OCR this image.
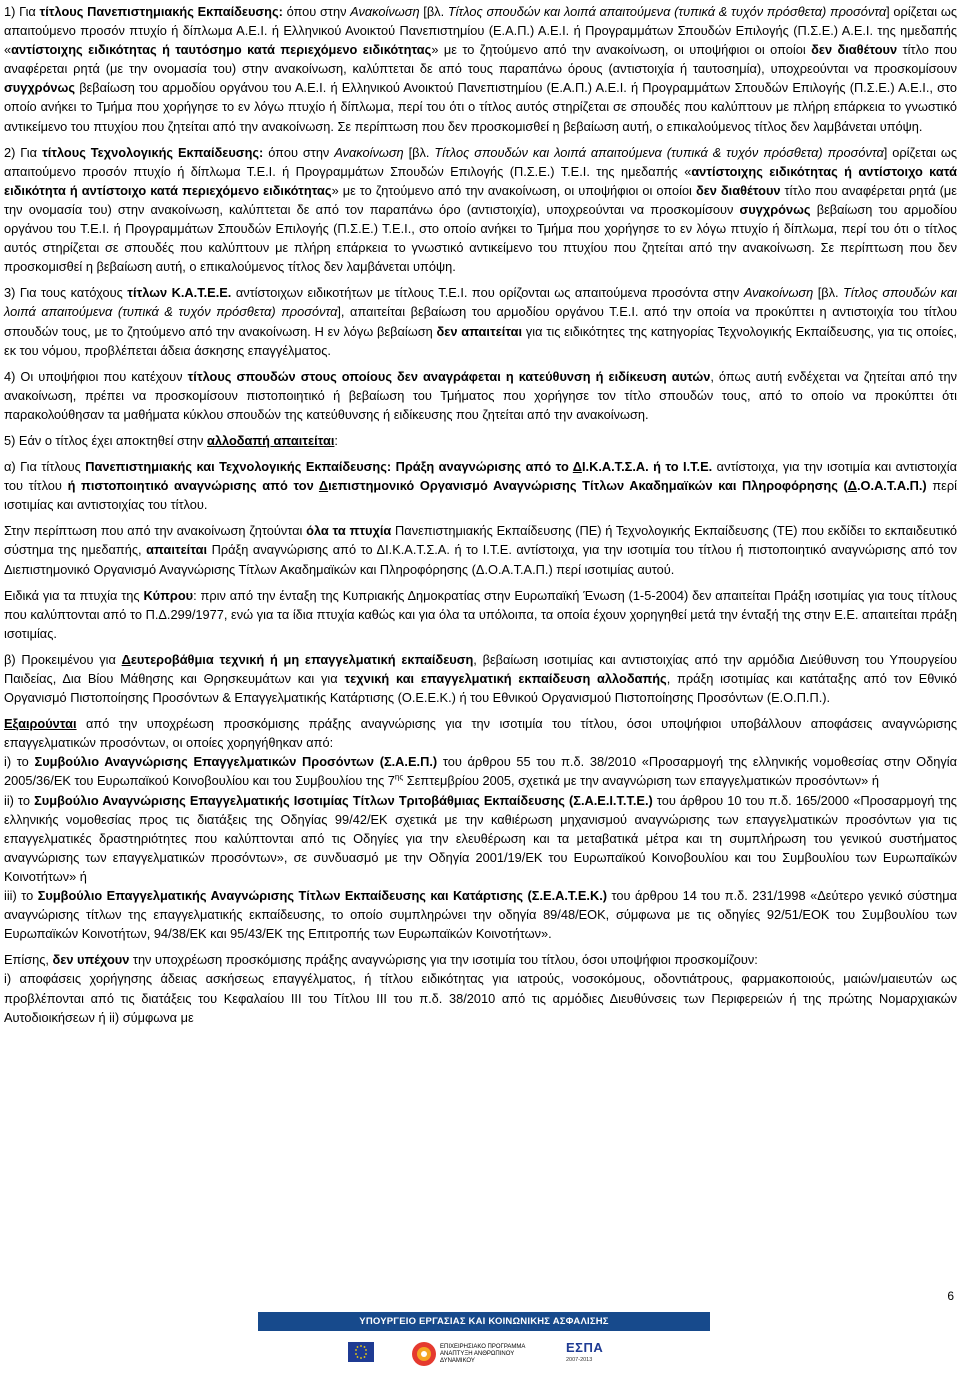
1) Για τίτλους Πανεπιστημιακής Εκπαίδευσης: όπου στην Ανακοίνωση [βλ. Τίτλος σπουδών και λοιπά απαιτούμενα (τυπικά & τυχόν πρόσθετα) προσόντα] ορίζεται ως απαιτούμενο προσόν πτυχίο ή δίπλωμα Α.Ε.Ι. ή Ελληνικού Ανοικτού Πανεπιστημίου (Ε.Α.Π.) Α.Ε.Ι. ή Προγραμμάτων Σπουδών Επιλογής (Π.Σ.Ε.) Α.Ε.Ι. της ημεδαπής «αντίστοιχης ειδικότητας ή ταυτόσημο κατά περιεχόμενο ειδικότητας» με το ζητούμενο από την ανακοίνωση, οι υποψήφιοι οι οποίοι δεν διαθέτουν τίτλο που αναφέρεται ρητά (με την ονομασία του) στην ανακοίνωση, καλύπτεται δε από τους παραπάνω όρους (αντιστοιχία ή ταυτοσημία), υποχρεούνται να προσκομίσουν συγχρόνως βεβαίωση του αρμοδίου οργάνου του Α.Ε.Ι. ή Ελληνικού Ανοικτού Πανεπιστημίου (Ε.Α.Π.) Α.Ε.Ι. ή Προγραμμάτων Σπουδών Επιλογής (Π.Σ.Ε.) Α.Ε.Ι., στο οποίο ανήκει το Τμήμα που χορήγησε το εν λόγω πτυχίο ή δίπλωμα, περί του ότι ο τίτλος αυτός στηρίζεται σε σπουδές που καλύπτουν με πλήρη επάρκεια το γνωστικό αντικείμενο του πτυχίου που ζητείται από την ανακοίνωση. Σε περίπτωση που δεν προσκομισθεί η βεβαίωση αυτή, ο επικαλούμενος τίτλος δεν λαμβάνεται υπόψη.

2) Για τίτλους Τεχνολογικής Εκπαίδευσης: όπου στην Ανακοίνωση [βλ. Τίτλος σπουδών και λοιπά απαιτούμενα (τυπικά & τυχόν πρόσθετα) προσόντα] ορίζεται ως απαιτούμενο προσόν πτυχίο ή δίπλωμα Τ.Ε.Ι. ή Προγραμμάτων Σπουδών Επιλογής (Π.Σ.Ε.) Τ.Ε.Ι. της ημεδαπής «αντίστοιχης ειδικότητας ή αντίστοιχο κατά ειδικότητα ή αντίστοιχο κατά περιεχόμενο ειδικότητας» με το ζητούμενο από την ανακοίνωση, οι υποψήφιοι οι οποίοι δεν διαθέτουν τίτλο που αναφέρεται ρητά (με την ονομασία του) στην ανακοίνωση, καλύπτεται δε από τον παραπάνω όρο (αντιστοιχία), υποχρεούνται να προσκομίσουν συγχρόνως βεβαίωση του αρμοδίου οργάνου του Τ.Ε.Ι. ή Προγραμμάτων Σπουδών Επιλογής (Π.Σ.Ε.) Τ.Ε.Ι., στο οποίο ανήκει το Τμήμα που χορήγησε το εν λόγω πτυχίο ή δίπλωμα, περί του ότι ο τίτλος αυτός στηρίζεται σε σπουδές που καλύπτουν με πλήρη επάρκεια το γνωστικό αντικείμενο του πτυχίου που ζητείται από την ανακοίνωση. Σε περίπτωση που δεν προσκομισθεί η βεβαίωση αυτή, ο επικαλούμενος τίτλος δεν λαμβάνεται υπόψη.

3) Για τους κατόχους τίτλων Κ.Α.Τ.Ε.Ε. αντίστοιχων ειδικοτήτων με τίτλους Τ.Ε.Ι. που ορίζονται ως απαιτούμενα προσόντα στην Ανακοίνωση [βλ. Τίτλος σπουδών και λοιπά απαιτούμενα (τυπικά & τυχόν πρόσθετα) προσόντα], απαιτείται βεβαίωση του αρμοδίου οργάνου Τ.Ε.Ι. από την οποία να προκύπτει η αντιστοιχία του τίτλου σπουδών τους, με το ζητούμενο από την ανακοίνωση. Η εν λόγω βεβαίωση δεν απαιτείται για τις ειδικότητες της κατηγορίας Τεχνολογικής Εκπαίδευσης, για τις οποίες, εκ του νόμου, προβλέπεται άδεια άσκησης επαγγέλματος.

4) Οι υποψήφιοι που κατέχουν τίτλους σπουδών στους οποίους δεν αναγράφεται η κατεύθυνση ή ειδίκευση αυτών, όπως αυτή ενδέχεται να ζητείται από την ανακοίνωση, πρέπει να προσκομίσουν πιστοποιητικό ή βεβαίωση του Τμήματος που χορήγησε τον τίτλο σπουδών τους, από το οποίο να προκύπτει ότι παρακολούθησαν τα μαθήματα κύκλου σπουδών της κατεύθυνσης ή ειδίκευσης που ζητείται από την ανακοίνωση.

5) Εάν ο τίτλος έχει αποκτηθεί στην αλλοδαπή απαιτείται:

α) Για τίτλους Πανεπιστημιακής και Τεχνολογικής Εκπαίδευσης: Πράξη αναγνώρισης από το ΔΙ.Κ.Α.Τ.Σ.Α. ή το Ι.Τ.Ε. αντίστοιχα, για την ισοτιμία και αντιστοιχία του τίτλου ή πιστοποιητικό αναγνώρισης από τον Διεπιστημονικό Οργανισμό Αναγνώρισης Τίτλων Ακαδημαϊκών και Πληροφόρησης (Δ.Ο.Α.Τ.Α.Π.) περί ισοτιμίας και αντιστοιχίας του τίτλου.

Στην περίπτωση που από την ανακοίνωση ζητούνται όλα τα πτυχία Πανεπιστημιακής Εκπαίδευσης (ΠΕ) ή Τεχνολογικής Εκπαίδευσης (ΤΕ) που εκδίδει το εκπαιδευτικό σύστημα της ημεδαπής, απαιτείται Πράξη αναγνώρισης από το ΔΙ.Κ.Α.Τ.Σ.Α. ή το Ι.Τ.Ε. αντίστοιχα, για την ισοτιμία του τίτλου ή πιστοποιητικό αναγνώρισης από τον Διεπιστημονικό Οργανισμό Αναγνώρισης Τίτλων Ακαδημαϊκών και Πληροφόρησης (Δ.Ο.Α.Τ.Α.Π.) περί ισοτιμίας αυτού.

Ειδικά για τα πτυχία της Κύπρου: πριν από την ένταξη της Κυπριακής Δημοκρατίας στην Ευρωπαϊκή Ένωση (1-5-2004) δεν απαιτείται Πράξη ισοτιμίας για τους τίτλους που καλύπτονται από το Π.Δ.299/1977, ενώ για τα ίδια πτυχία καθώς και για όλα τα υπόλοιπα, τα οποία έχουν χορηγηθεί μετά την ένταξή της στην Ε.Ε. απαιτείται πράξη ισοτιμίας.

β) Προκειμένου για Δευτεροβάθμια τεχνική ή μη επαγγελματική εκπαίδευση, βεβαίωση ισοτιμίας και αντιστοιχίας από την αρμόδια Διεύθυνση του Υπουργείου Παιδείας, Δια Βίου Μάθησης και Θρησκευμάτων και για τεχνική και επαγγελματική εκπαίδευση αλλοδαπής, πράξη ισοτιμίας και κατάταξης από τον Εθνικό Οργανισμό Πιστοποίησης Προσόντων & Επαγγελματικής Κατάρτισης (Ο.Ε.Ε.Κ.) ή του Εθνικού Οργανισμού Πιστοποίησης Προσόντων (Ε.Ο.Π.Π.).

Εξαιρούνται από την υποχρέωση προσκόμισης πράξης αναγνώρισης για την ισοτιμία του τίτλου, όσοι υποψήφιοι υποβάλλουν αποφάσεις αναγνώρισης επαγγελματικών προσόντων, οι οποίες χορηγήθηκαν από:

i) το Συμβούλιο Αναγνώρισης Επαγγελματικών Προσόντων (Σ.Α.Ε.Π.) του άρθρου 55 του π.δ. 38/2010 «Προσαρμογή της ελληνικής νομοθεσίας στην Οδηγία 2005/36/ΕΚ του Ευρωπαϊκού Κοινοβουλίου και του Συμβουλίου της $7^{\eta\varsigma}$ Σεπτεμβρίου 2005, σχετικά με την αναγνώριση των επαγγελματικών προσόντων» ή

ii) το Συμβούλιο Αναγνώρισης Επαγγελματικής Ισοτιμίας Τίτλων Τριτοβάθμιας Εκπαίδευσης (Σ.Α.Ε.Ι.Τ.Τ.Ε.) του άρθρου 10 του π.δ. 165/2000 «Προσαρμογή της ελληνικής νομοθεσίας προς τις διατάξεις της Οδηγίας 99/42/ΕΚ σχετικά με την καθιέρωση μηχανισμού αναγνώρισης των επαγγελματικών προσόντων για τις επαγγελματικές δραστηριότητες που καλύπτονται από τις Οδηγίες για την ελευθέρωση και τα μεταβατικά μέτρα και τη συμπλήρωση του γενικού συστήματος αναγνώρισης των επαγγελματικών προσόντων», σε συνδυασμό με την Οδηγία 2001/19/ΕΚ του Ευρωπαϊκού Κοινοβουλίου και του Συμβουλίου των Ευρωπαϊκών Κοινοτήτων» ή

iii) το Συμβούλιο Επαγγελματικής Αναγνώρισης Τίτλων Εκπαίδευσης και Κατάρτισης (Σ.Ε.Α.Τ.Ε.Κ.) του άρθρου 14 του π.δ. 231/1998 «Δεύτερο γενικό σύστημα αναγνώρισης τίτλων της επαγγελματικής εκπαίδευσης, το οποίο συμπληρώνει την οδηγία 89/48/ΕΟΚ, σύμφωνα με τις οδηγίες 92/51/ΕΟΚ του Συμβουλίου των Ευρωπαϊκών Κοινοτήτων, 94/38/ΕΚ και 95/43/ΕΚ της Επιτροπής των Ευρωπαϊκών Κοινοτήτων».

Επίσης, δεν υπέχουν την υποχρέωση προσκόμισης πράξης αναγνώρισης για την ισοτιμία του τίτλου, όσοι υποψήφιοι προσκομίζουν:

i) αποφάσεις χορήγησης άδειας ασκήσεως επαγγέλματος, ή τίτλου ειδικότητας για ιατρούς, νοσοκόμους, οδοντιάτρους, φαρμακοποιούς, μαιών/μαιευτών ως προβλέπονται από τις διατάξεις του Κεφαλαίου ΙΙΙ του Τίτλου ΙΙΙ του π.δ. 38/2010 από τις αρμόδιες Διευθύνσεις των Περιφερειών ή της πρώτης Νομαρχιακών Αυτοδιοικήσεων ή ii) σύμφωνα με

6
ΥΠΟΥΡΓΕΙΟ ΕΡΓΑΣΙΑΣ ΚΑΙ ΚΟΙΝΩΝΙΚΗΣ ΑΣΦΑΛΙΣΗΣ
ΕΠΙΧΕΙΡΗΣΙΑΚΟ ΠΡΟΓΡΑΜΜΑ ΑΝΑΠΤΥΞΗ ΑΝΘΡΩΠΙΝΟΥ ΔΥΝΑΜΙΚΟΥ
ΕΣΠΑ
2007-2013
